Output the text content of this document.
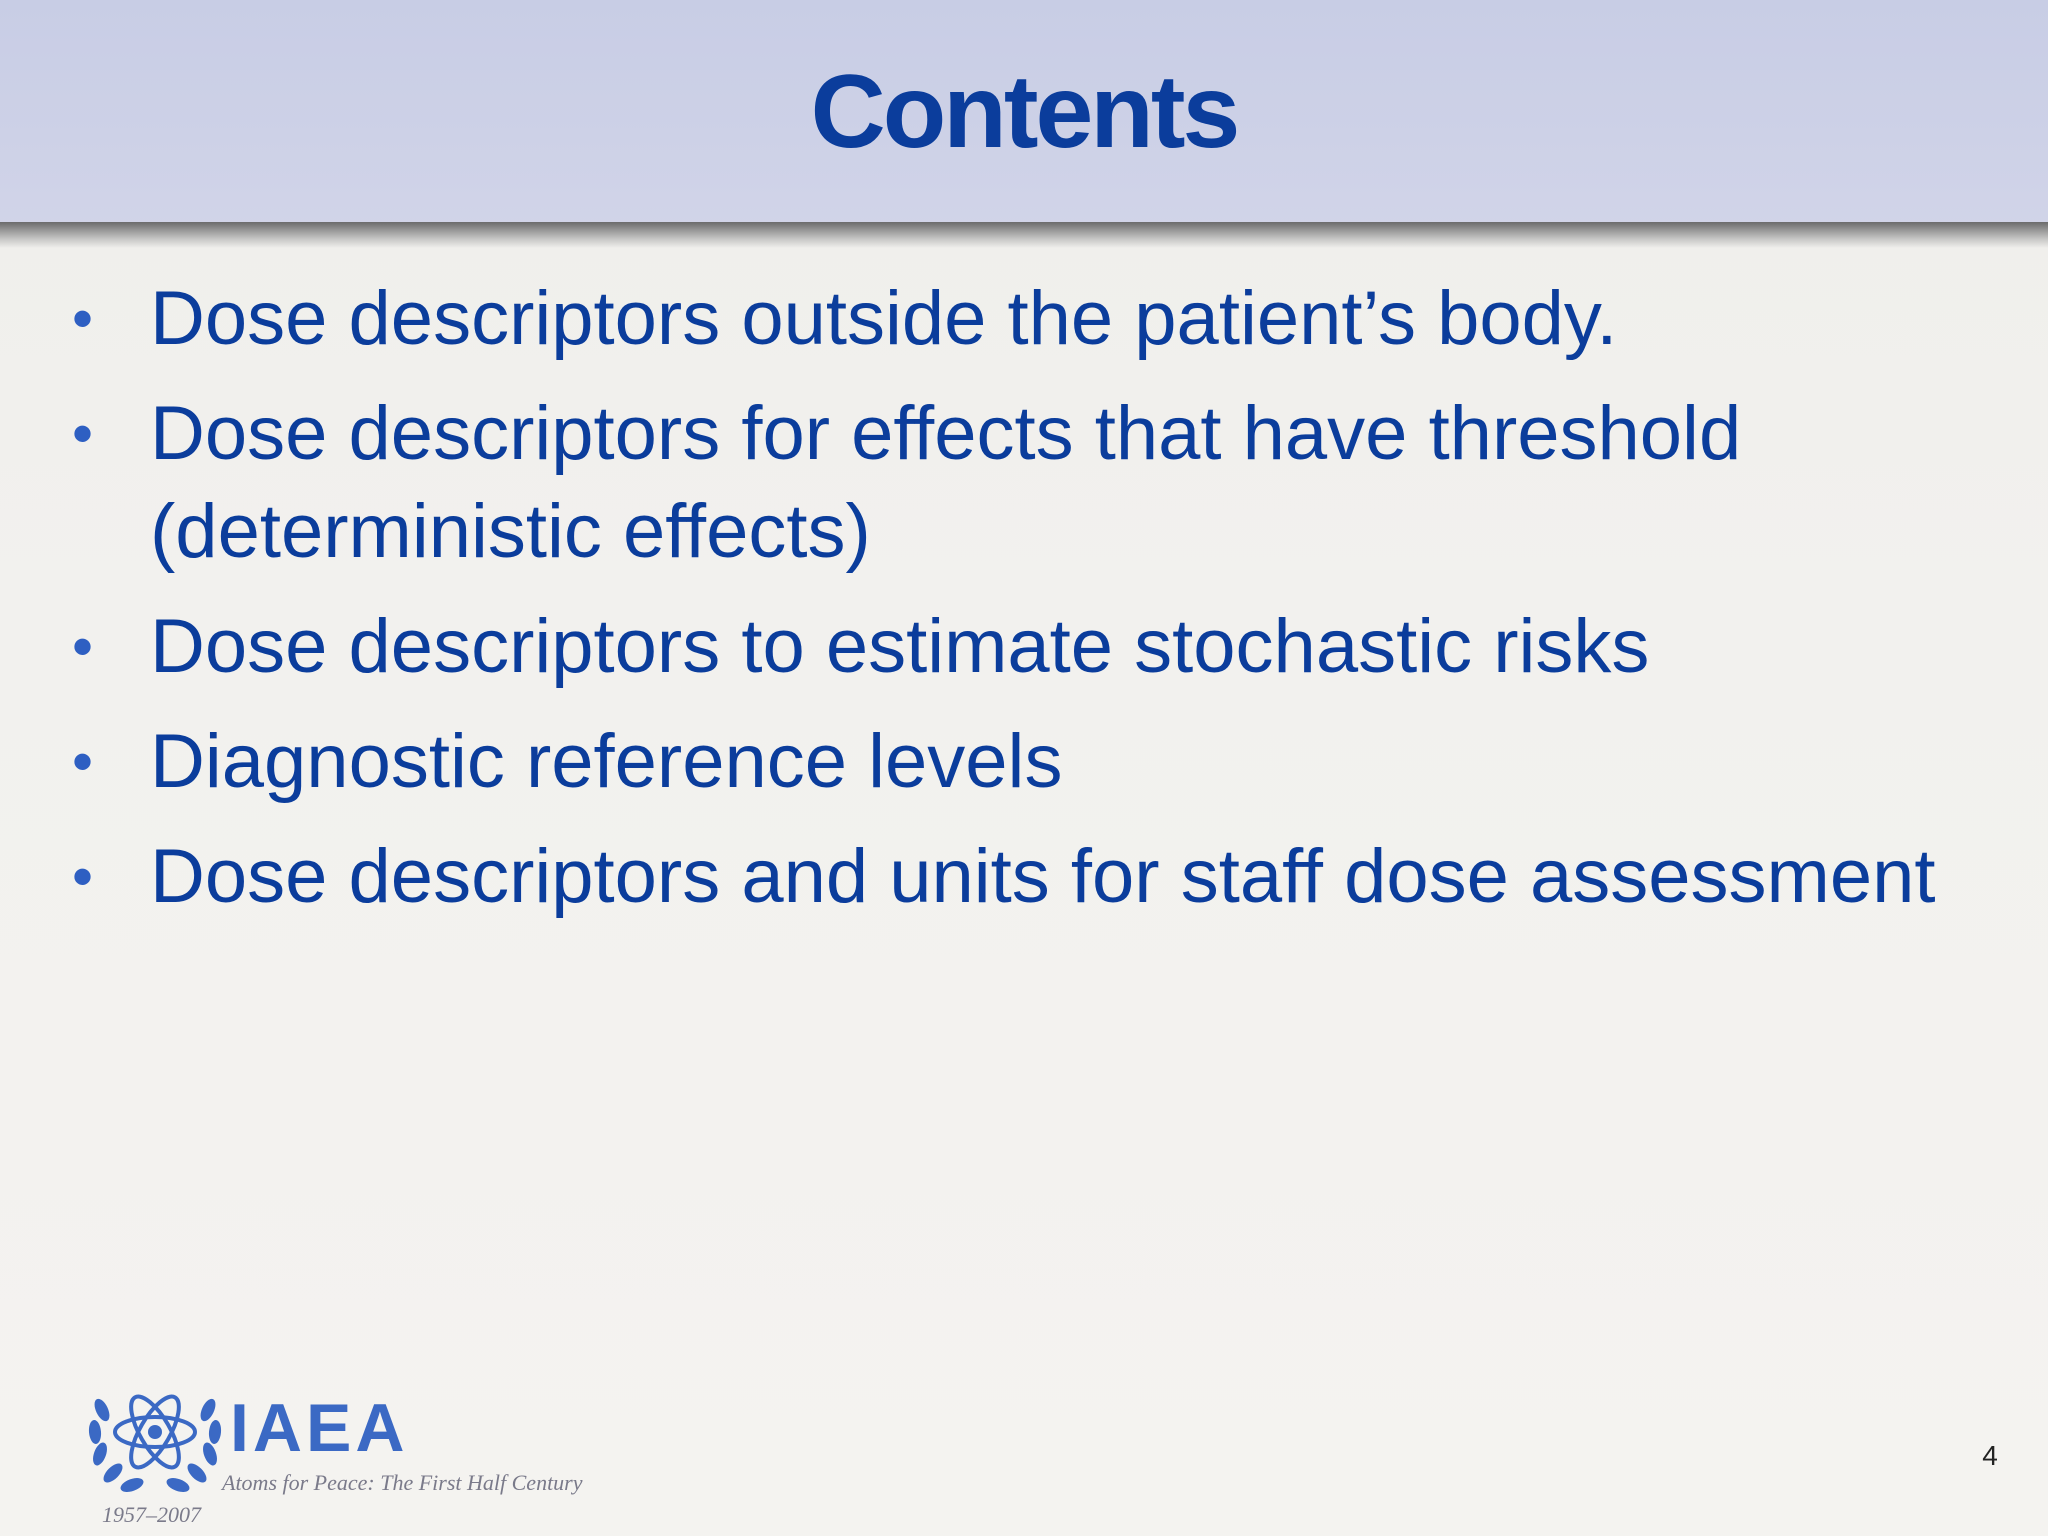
Contents
• Dose descriptors outside the patient’s body.
• Dose descriptors for effects that have threshold (deterministic effects)
• Dose descriptors to estimate stochastic risks
• Diagnostic reference levels
• Dose descriptors and units for staff dose assessment
IAEA
Atoms for Peace: The First Half Century
1957–2007
4
